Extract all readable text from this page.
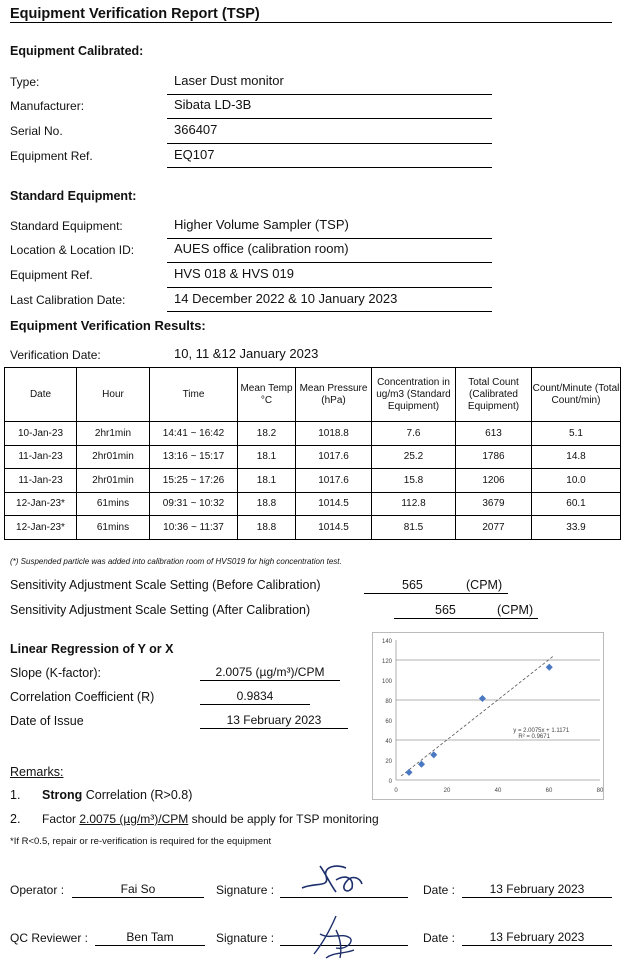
Equipment Verification Report (TSP)
Equipment Calibrated:
Type:	Laser Dust monitor
Manufacturer:	Sibata LD-3B
Serial No.	366407
Equipment Ref.	EQ107
Standard Equipment:
Standard Equipment:	Higher Volume Sampler (TSP)
Location & Location ID:	AUES office (calibration room)
Equipment Ref.	HVS 018 & HVS 019
Last Calibration Date:	14 December 2022 & 10 January 2023
Equipment Verification Results:
Verification Date:	10, 11 &12 January 2023
Date	Hour	Time	Mean Temp °C	Mean Pressure (hPa)	Concentration in ug/m3 (Standard Equipment)	Total Count (Calibrated Equipment)	Count/Minute (Total Count/min)
10-Jan-23	2hr1min	14:41 ~ 16:42	18.2	1018.8	7.6	613	5.1
11-Jan-23	2hr01min	13:16 ~ 15:17	18.1	1017.6	25.2	1786	14.8
11-Jan-23	2hr01min	15:25 ~ 17:26	18.1	1017.6	15.8	1206	10.0
12-Jan-23*	61mins	09:31 ~ 10:32	18.8	1014.5	112.8	3679	60.1
12-Jan-23*	61mins	10:36 ~ 11:37	18.8	1014.5	81.5	2077	33.9
(*) Suspended particle was added into calibration room of HVS019 for high concentration test.
Sensitivity Adjustment Scale Setting (Before Calibration)	565	(CPM)
Sensitivity Adjustment Scale Setting (After Calibration)	565	(CPM)
Linear Regression of Y or X
Slope (K-factor):	2.0075 (µg/m³)/CPM
Correlation Coefficient (R)	0.9834
Date of Issue	13 February 2023
0
20
40
60
80
100
120
140
0	20	40	60	80
y = 2.0075x + 1.1171
R² = 0.9671
Remarks:
1. Strong Correlation (R>0.8)
2. Factor 2.0075 (µg/m³)/CPM should be apply for TSP monitoring
*If R<0.5, repair or re-verification is required for the equipment
Operator :	Fai So	Signature :	Date :	13 February 2023
QC Reviewer :	Ben Tam	Signature :	Date :	13 February 2023
